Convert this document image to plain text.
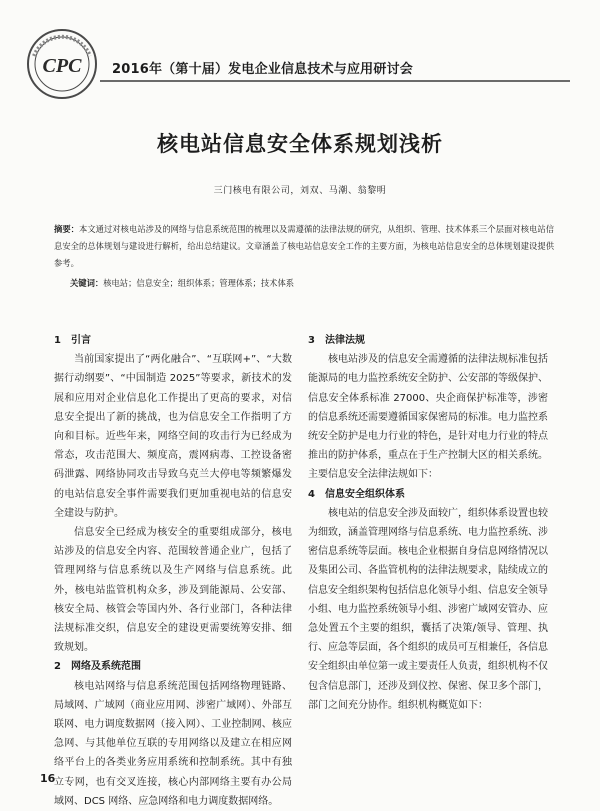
CPC 2016年（第十届）发电企业信息技术与应用研讨会
核电站信息安全体系规划浅析
三门核电有限公司，刘双、马潮、翁黎明
摘要：本文通过对核电站涉及的网络与信息系统范围的梳理以及需遵循的法律法规的研究，从组织、管理、技术体系三个层面对核电站信息安全的总体规划与建设进行解析，给出总结建议。文章涵盖了核电站信息安全工作的主要方面，为核电站信息安全的总体规划建设提供参考。
关键词：核电站；信息安全；组织体系；管理体系；技术体系
1　引言

当前国家提出了“两化融合”、“互联网+”、“大数据行动纲要”、“中国制造 2025”等要求，新技术的发展和应用对企业信息化工作提出了更高的要求，对信息安全提出了新的挑战，也为信息安全工作指明了方向和目标。近些年来，网络空间的攻击行为已经成为常态，攻击范围大、频度高，震网病毒、工控设备密码泄露、网络协同攻击导致乌克兰大停电等频繁爆发的电站信息安全事件需要我们更加重视电站的信息安全建设与防护。

信息安全已经成为核安全的重要组成部分，核电站涉及的信息安全内容、范围较普通企业广，包括了管理网络与信息系统以及生产网络与信息系统。此外，核电站监管机构众多，涉及到能源局、公安部、核安全局、核管会等国内外、各行业部门，各种法律法规标准交织，信息安全的建设更需要统筹安排、细致规划。

2　网络及系统范围

核电站网络与信息系统范围包括网络物理链路、局域网、广域网（商业应用网、涉密广域网）、外部互联网、电力调度数据网（接入网）、工业控制网、核应急网、与其他单位互联的专用网络以及建立在相应网络平台上的各类业务应用系统和控制系统。其中有独立专网，也有交叉连接，核心内部网络主要有办公局域网、DCS 网络、应急网络和电力调度数据网络。

3　法律法规

核电站涉及的信息安全需遵循的法律法规标准包括能源局的电力监控系统安全防护、公安部的等级保护、信息安全体系标准 27000、央企商保护标准等，涉密的信息系统还需要遵循国家保密局的标准。电力监控系统安全防护是电力行业的特色，是针对电力行业的特点推出的防护体系，重点在于生产控制大区的相关系统。主要信息安全法律法规如下：

4　信息安全组织体系

核电站的信息安全涉及面较广，组织体系设置也较为细致，涵盖管理网络与信息系统、电力监控系统、涉密信息系统等层面。核电企业根据自身信息网络情况以及集团公司、各监管机构的法律法规要求，陆续成立的信息安全组织架构包括信息化领导小组、信息安全领导小组、电力监控系统领导小组、涉密广域网安管办、应急处置五个主要的组织，囊括了决策/领导、管理、执行、应急等层面，各个组织的成员可互相兼任，各信息安全组织由单位第一或主要责任人负责，组织机构不仅包含信息部门，还涉及到仪控、保密、保卫多个部门，部门之间充分协作。组织机构概览如下：

16
